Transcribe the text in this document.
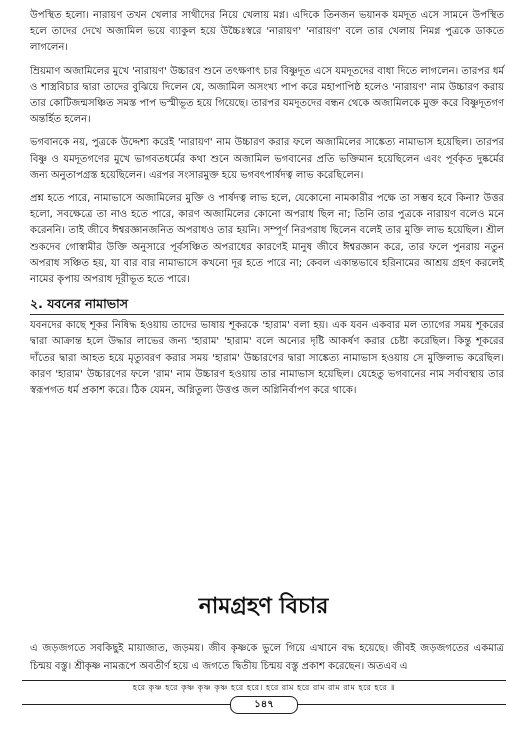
উপস্থিত হলো। নারায়ণ তখন খেলার সাথীদের নিয়ে খেলায় মগ্ন। এদিকে তিনজন ভয়ানক যমদূত এসে সামনে উপস্থিত হলে তাদের দেখে অজামিল ভয়ে ব্যাকুল হয়ে উচ্চৈঃস্বরে 'নারায়ণ' 'নারায়ণ' বলে তার খেলায় নিমগ্ন পুত্রকে ডাকতে লাগলেন।

ম্রিয়মাণ অজামিলের মুখে 'নারায়ণ' উচ্চারণ শুনে তৎক্ষণাৎ চার বিষ্ণুদূত এসে যমদূতদের বাধা দিতে লাগলেন। তারপর ধর্ম ও শাস্ত্রবিচার দ্বারা তাদের বুঝিয়ে দিলেন যে, অজামিল অসংখ্য পাপ করে মহাপাপিষ্ঠ হলেও 'নারায়ণ' নাম উচ্চারণ করায় তার কোটিজন্মসঞ্চিত সমস্ত পাপ ভস্মীভূত হয়ে গিয়েছে। তারপর যমদূতদের বন্ধন থেকে অজামিলকে মুক্ত করে বিষ্ণুদূতগণ অন্তর্হিত হলেন।

ভগবানকে নয়, পুত্রকে উদ্দেশ্য করেই 'নারায়ণ' নাম উচ্চারণ করার ফলে অজামিলের সাঙ্কেত্য নামাভাস হয়েছিল। তারপর বিষ্ণু ও যমদূতগণের মুখে ভাগবতধর্মের কথা শুনে অজামিল ভগবানের প্রতি ভক্তিমান হয়েছিলেন এবং পূর্বকৃত দুষ্কর্মের জন্য অনুতাপগ্রস্ত হয়েছিলেন। এরপর সংসারমুক্ত হয়ে ভগবৎপার্ষদত্ব লাভ করেছিলেন।

প্রশ্ন হতে পারে, নামাভাসে অজামিলের মুক্তি ও পার্ষদত্ব লাভ হলে, যেকোনো নামকারীর পক্ষে তা সম্ভব হবে কিনা? উত্তর হলো, সবক্ষেত্রে তা নাও হতে পারে, কারণ অজামিলের কোনো অপরাধ ছিল না; তিনি তার পুত্রকে নারায়ণ বলেও মনে করেননি। তাই জীবে ঈশ্বরজ্ঞানজনিত অপরাধও তার হয়নি। সম্পূর্ণ নিরপরাধ ছিলেন বলেই তার মুক্তি লাভ হয়েছিল। শ্রীল শুকদেব গোস্বামীর উক্তি অনুসারে পূর্বসঞ্চিত অপরাধের কারণেই মানুষ জীবে ঈশ্বরজ্ঞান করে, তার ফলে পুনরায় নতুন অপরাধ সঞ্চিত হয়, যা বার বার নামাভাসে কখনো দূর হতে পারে না; কেবল একান্তভাবে হরিনামের আশ্রয় গ্রহণ করলেই নামের কৃপায় অপরাধ দূরীভূত হতে পারে।

২. যবনের নামাভাস

যবনদের কাছে শূকর নিষিদ্ধ হওয়ায় তাদের ভাষায় শূকরকে 'হারাম' বলা হয়। এক যবন একবার মল ত্যাগের সময় শূকরের দ্বারা আক্রান্ত হলে উদ্ধার লাভের জন্য 'হারাম' 'হারাম' বলে অন্যের দৃষ্টি আকর্ষণ করার চেষ্টা করেছিল। কিন্তু শূকরের দাঁতের দ্বারা আহত হয়ে মৃত্যুবরণ করার সময় 'হারাম' উচ্চারণের দ্বারা সাঙ্কেত্য নামাভাস হওয়ায় সে মুক্তিলাভ করেছিল। কারণ 'হারাম' উচ্চারণের ফলে 'রাম' নাম উচ্চারণ হওয়ায় তার নামাভাস হয়েছিল। যেহেতু ভগবানের নাম সর্বাবস্থায় তার স্বরূপগত ধর্ম প্রকাশ করে। ঠিক যেমন, অগ্নিতুল্য উত্তপ্ত জল অগ্নিনির্বাপণ করে থাকে।

নামগ্রহণ বিচার

এ জড়জগতে সবকিছুই মায়াজাত, জড়ময়। জীব কৃষ্ণকে ভুলে গিয়ে এখানে বদ্ধ হয়েছে। জীবই জড়জগতের একমাত্র চিন্ময় বস্তু। শ্রীকৃষ্ণ নামরূপে অবতীর্ণ হয়ে এ জগতে দ্বিতীয় চিন্ময় বস্তু প্রকাশ করেছেন। অতএব এ

হরে কৃষ্ণ হরে কৃষ্ণ কৃষ্ণ কৃষ্ণ হরে হরে। হরে রাম হরে রাম রাম রাম হরে হরে ॥
১৪৭
